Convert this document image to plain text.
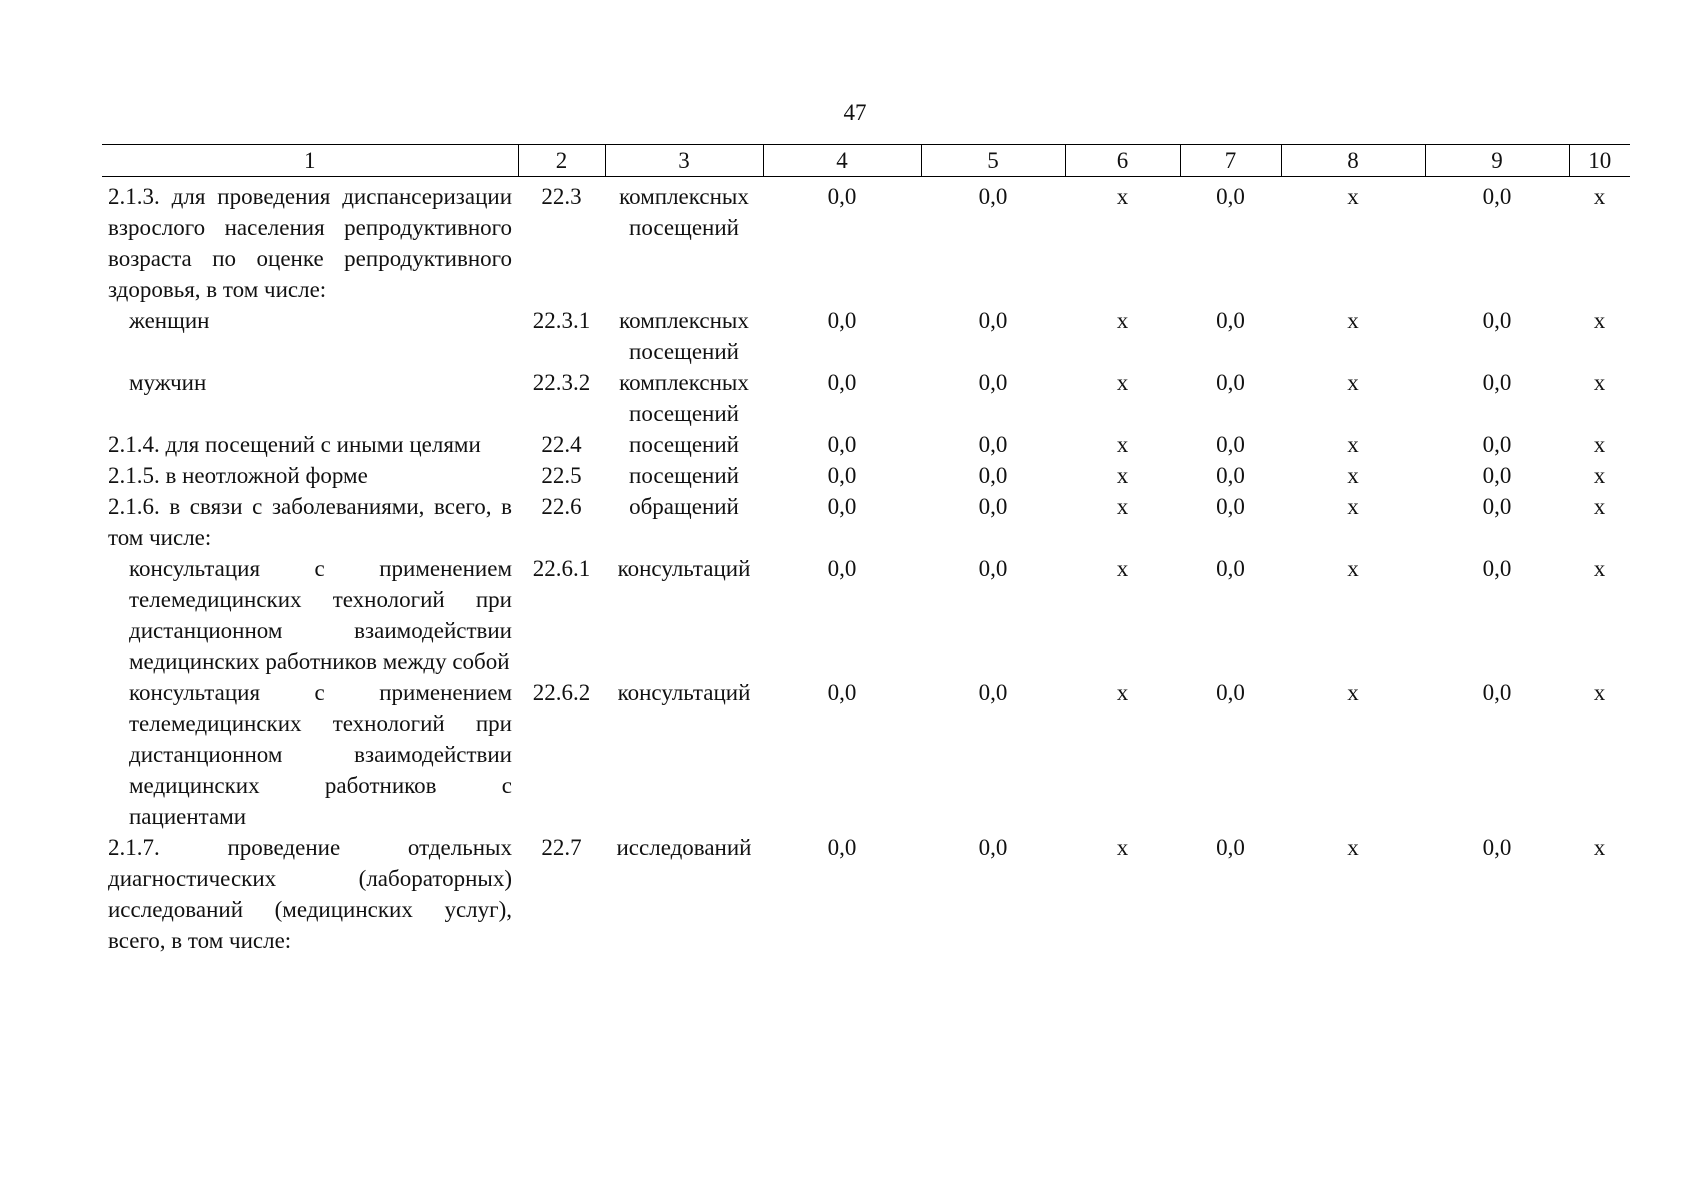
47
1	2	3	4	5	6	7	8	9	10

2.1.3. для проведения диспансеризации взрослого населения репродуктивного возраста по оценке репродуктивного здоровья, в том числе:	22.3	комплексных посещений	0,0	0,0	х	0,0	х	0,0	х
женщин	22.3.1	комплексных посещений	0,0	0,0	х	0,0	х	0,0	х
мужчин	22.3.2	комплексных посещений	0,0	0,0	х	0,0	х	0,0	х
2.1.4. для посещений с иными целями	22.4	посещений	0,0	0,0	х	0,0	х	0,0	х
2.1.5. в неотложной форме	22.5	посещений	0,0	0,0	х	0,0	х	0,0	х
2.1.6. в связи с заболеваниями, всего, в том числе:	22.6	обращений	0,0	0,0	х	0,0	х	0,0	х
консультация с применением телемедицинских технологий при дистанционном взаимодействии медицинских работников между собой	22.6.1	консультаций	0,0	0,0	х	0,0	х	0,0	х
консультация с применением телемедицинских технологий при дистанционном взаимодействии медицинских работников с пациентами	22.6.2	консультаций	0,0	0,0	х	0,0	х	0,0	х
2.1.7. проведение отдельных диагностических (лабораторных) исследований (медицинских услуг), всего, в том числе:	22.7	исследований	0,0	0,0	х	0,0	х	0,0	х
